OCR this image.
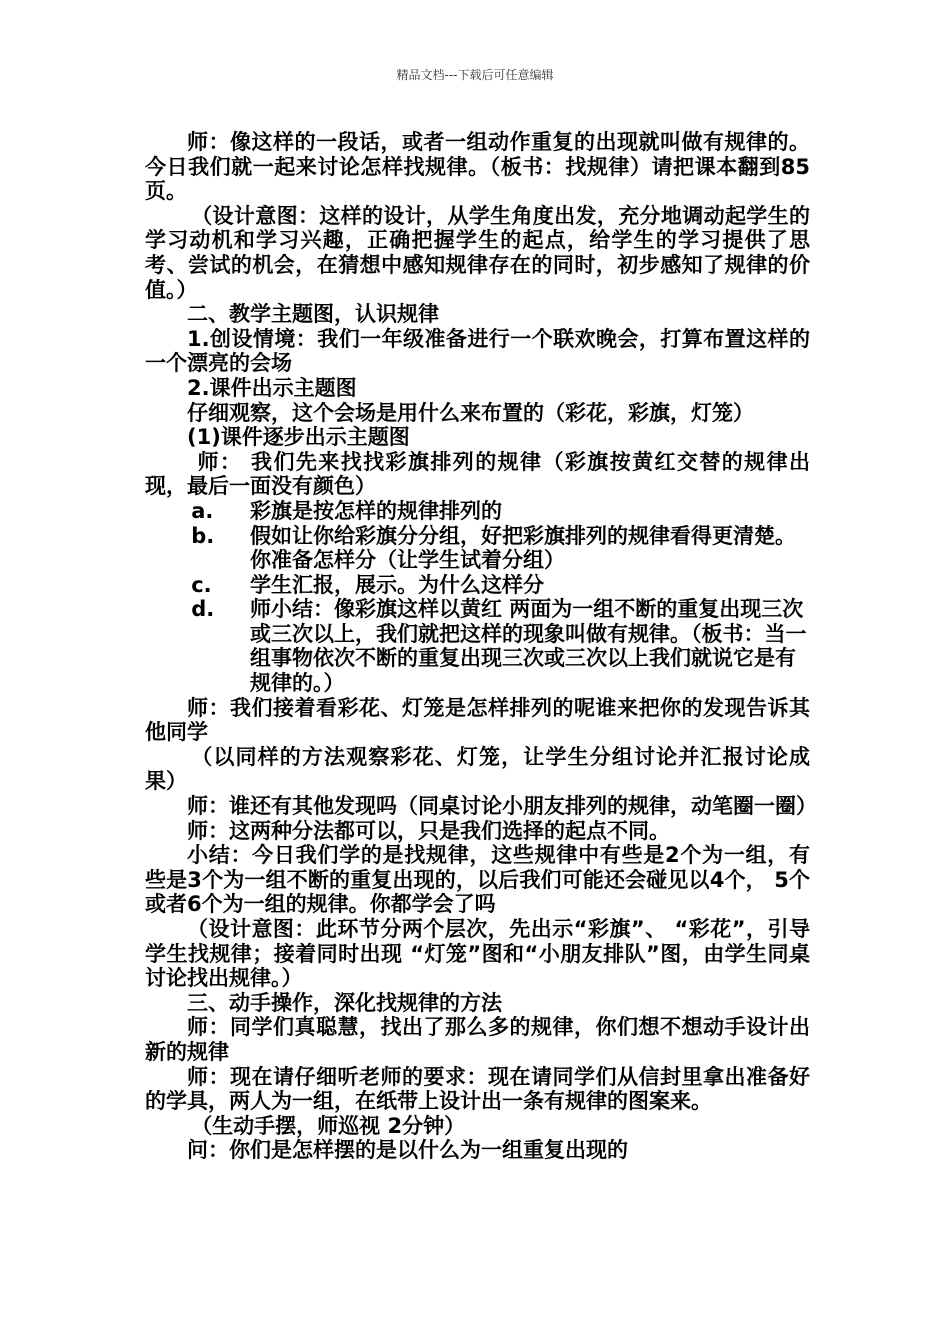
精品文档---下载后可任意编辑

师：像这样的一段话，或者一组动作重复的出现就叫做有规律的。今日我们就一起来讨论怎样找规律。（板书：找规律）请把课本翻到85页。

（设计意图：这样的设计，从学生角度出发，充分地调动起学生的学习动机和学习兴趣，正确把握学生的起点，给学生的学习提供了思考、尝试的机会，在猜想中感知规律存在的同时，初步感知了规律的价值。）

二、教学主题图，认识规律

1.创设情境：我们一年级准备进行一个联欢晚会，打算布置这样的一个漂亮的会场

2.课件出示主题图

仔细观察，这个会场是用什么来布置的（彩花，彩旗，灯笼）

(1)课件逐步出示主题图

师： 我们先来找找彩旗排列的规律（彩旗按黄红交替的规律出现，最后一面没有颜色）

a.	彩旗是按怎样的规律排列的
b.	假如让你给彩旗分分组，好把彩旗排列的规律看得更清楚。你准备怎样分（让学生试着分组）
c.	学生汇报，展示。为什么这样分
d.	师小结：像彩旗这样以黄红 两面为一组不断的重复出现三次或三次以上，我们就把这样的现象叫做有规律。（板书：当一组事物依次不断的重复出现三次或三次以上我们就说它是有规律的。）

师：我们接着看彩花、灯笼是怎样排列的呢谁来把你的发现告诉其他同学

（以同样的方法观察彩花、灯笼，让学生分组讨论并汇报讨论成果）

师：谁还有其他发现吗（同桌讨论小朋友排列的规律，动笔圈一圈）

师：这两种分法都可以，只是我们选择的起点不同。

小结：今日我们学的是找规律，这些规律中有些是2个为一组，有些是3个为一组不断的重复出现的，以后我们可能还会碰见以4个， 5个或者6个为一组的规律。你都学会了吗

（设计意图：此环节分两个层次，先出示“彩旗”、 “彩花”，引导学生找规律；接着同时出现 “灯笼”图和“小朋友排队”图，由学生同桌讨论找出规律。）

三、动手操作，深化找规律的方法

师：同学们真聪慧，找出了那么多的规律，你们想不想动手设计出新的规律

师：现在请仔细听老师的要求：现在请同学们从信封里拿出准备好的学具，两人为一组，在纸带上设计出一条有规律的图案来。

（生动手摆，师巡视 2分钟）

问：你们是怎样摆的是以什么为一组重复出现的
